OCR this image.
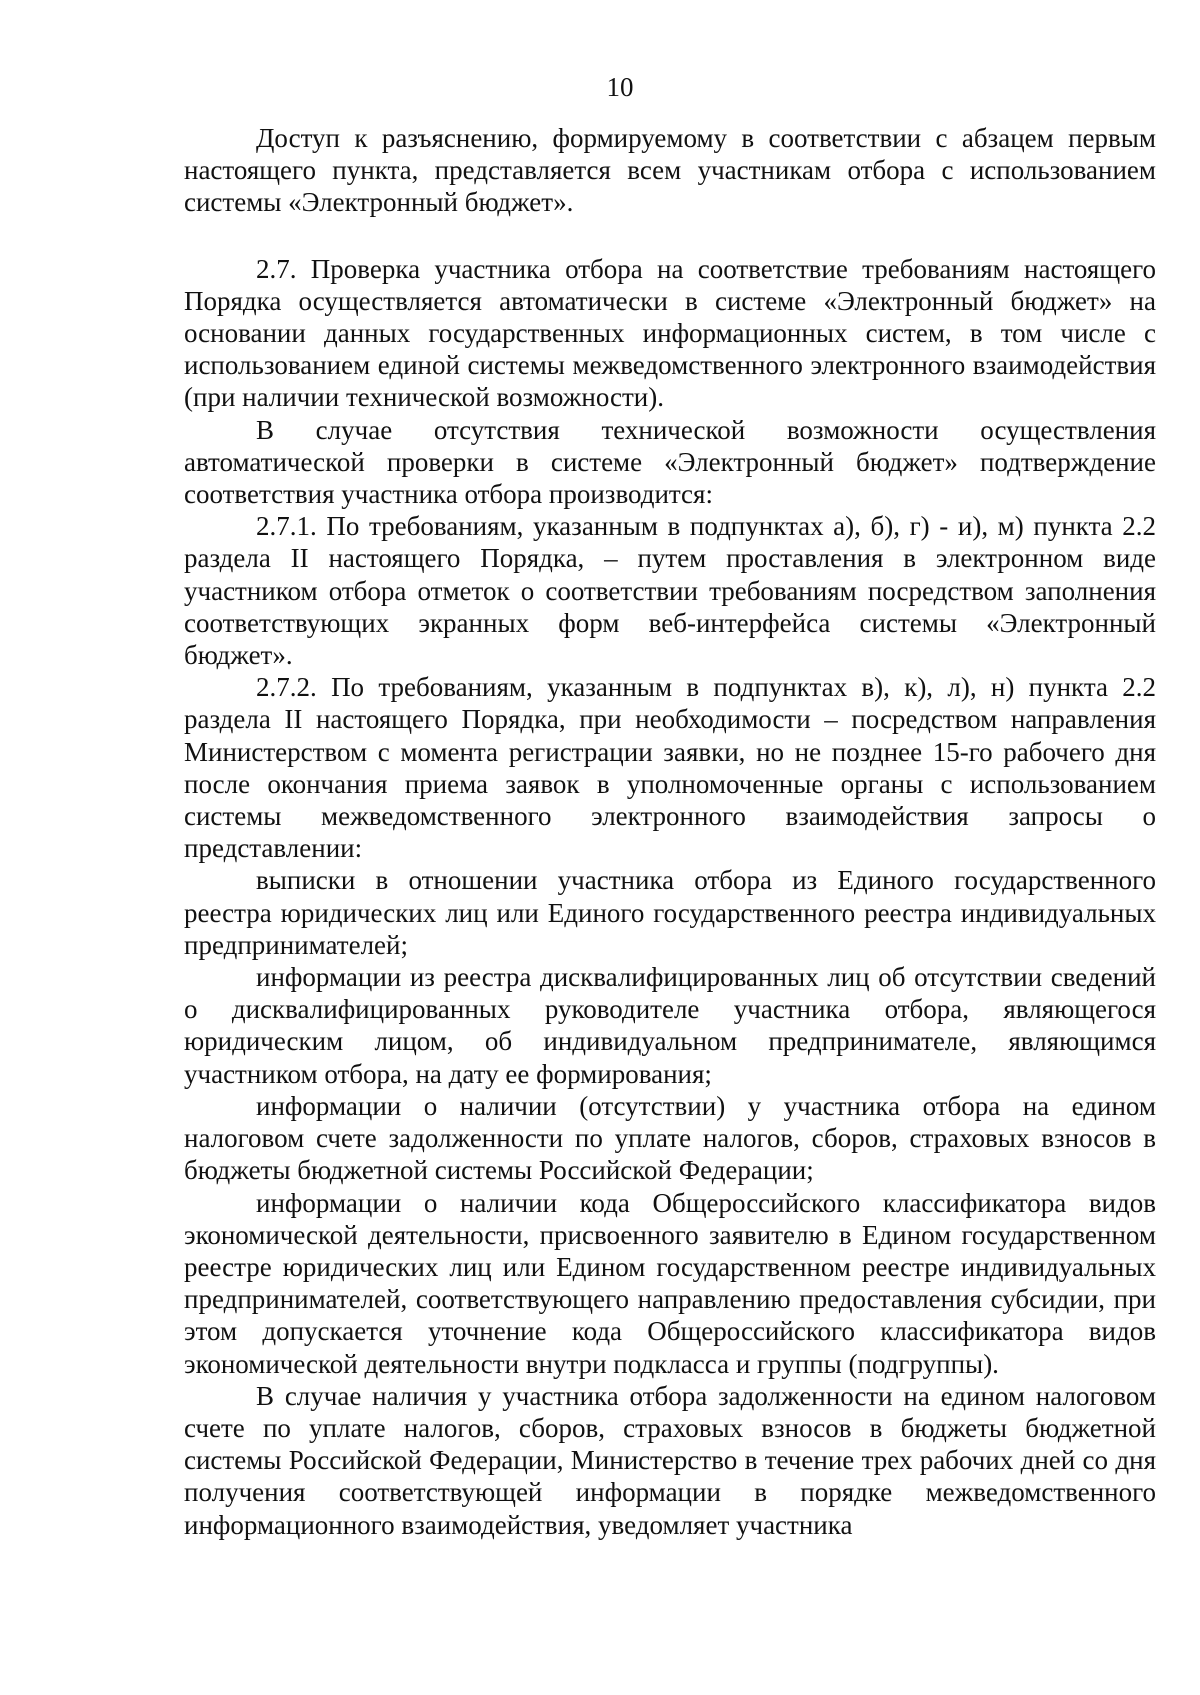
10

Доступ к разъяснению, формируемому в соответствии с абзацем первым настоящего пункта, представляется всем участникам отбора с использованием системы «Электронный бюджет».

2.7. Проверка участника отбора на соответствие требованиям настоящего Порядка осуществляется автоматически в системе «Электронный бюджет» на основании данных государственных информационных систем, в том числе с использованием единой системы межведомственного электронного взаимодействия (при наличии технической возможности).

В случае отсутствия технической возможности осуществления автоматической проверки в системе «Электронный бюджет» подтверждение соответствия участника отбора производится:

2.7.1. По требованиям, указанным в подпунктах а), б), г) - и), м) пункта 2.2 раздела II настоящего Порядка, – путем проставления в электронном виде участником отбора отметок о соответствии требованиям посредством заполнения соответствующих экранных форм веб-интерфейса системы «Электронный бюджет».

2.7.2. По требованиям, указанным в подпунктах в), к), л), н) пункта 2.2 раздела II настоящего Порядка, при необходимости – посредством направления Министерством с момента регистрации заявки, но не позднее 15-го рабочего дня после окончания приема заявок в уполномоченные органы с использованием системы межведомственного электронного взаимодействия запросы о представлении:

выписки в отношении участника отбора из Единого государственного реестра юридических лиц или Единого государственного реестра индивидуальных предпринимателей;

информации из реестра дисквалифицированных лиц об отсутствии сведений о дисквалифицированных руководителе участника отбора, являющегося юридическим лицом, об индивидуальном предпринимателе, являющимся участником отбора, на дату ее формирования;

информации о наличии (отсутствии) у участника отбора на едином налоговом счете задолженности по уплате налогов, сборов, страховых взносов в бюджеты бюджетной системы Российской Федерации;

информации о наличии кода Общероссийского классификатора видов экономической деятельности, присвоенного заявителю в Едином государственном реестре юридических лиц или Едином государственном реестре индивидуальных предпринимателей, соответствующего направлению предоставления субсидии, при этом допускается уточнение кода Общероссийского классификатора видов экономической деятельности внутри подкласса и группы (подгруппы).

В случае наличия у участника отбора задолженности на едином налоговом счете по уплате налогов, сборов, страховых взносов в бюджеты бюджетной системы Российской Федерации, Министерство в течение трех рабочих дней со дня получения соответствующей информации в порядке межведомственного информационного взаимодействия, уведомляет участника
